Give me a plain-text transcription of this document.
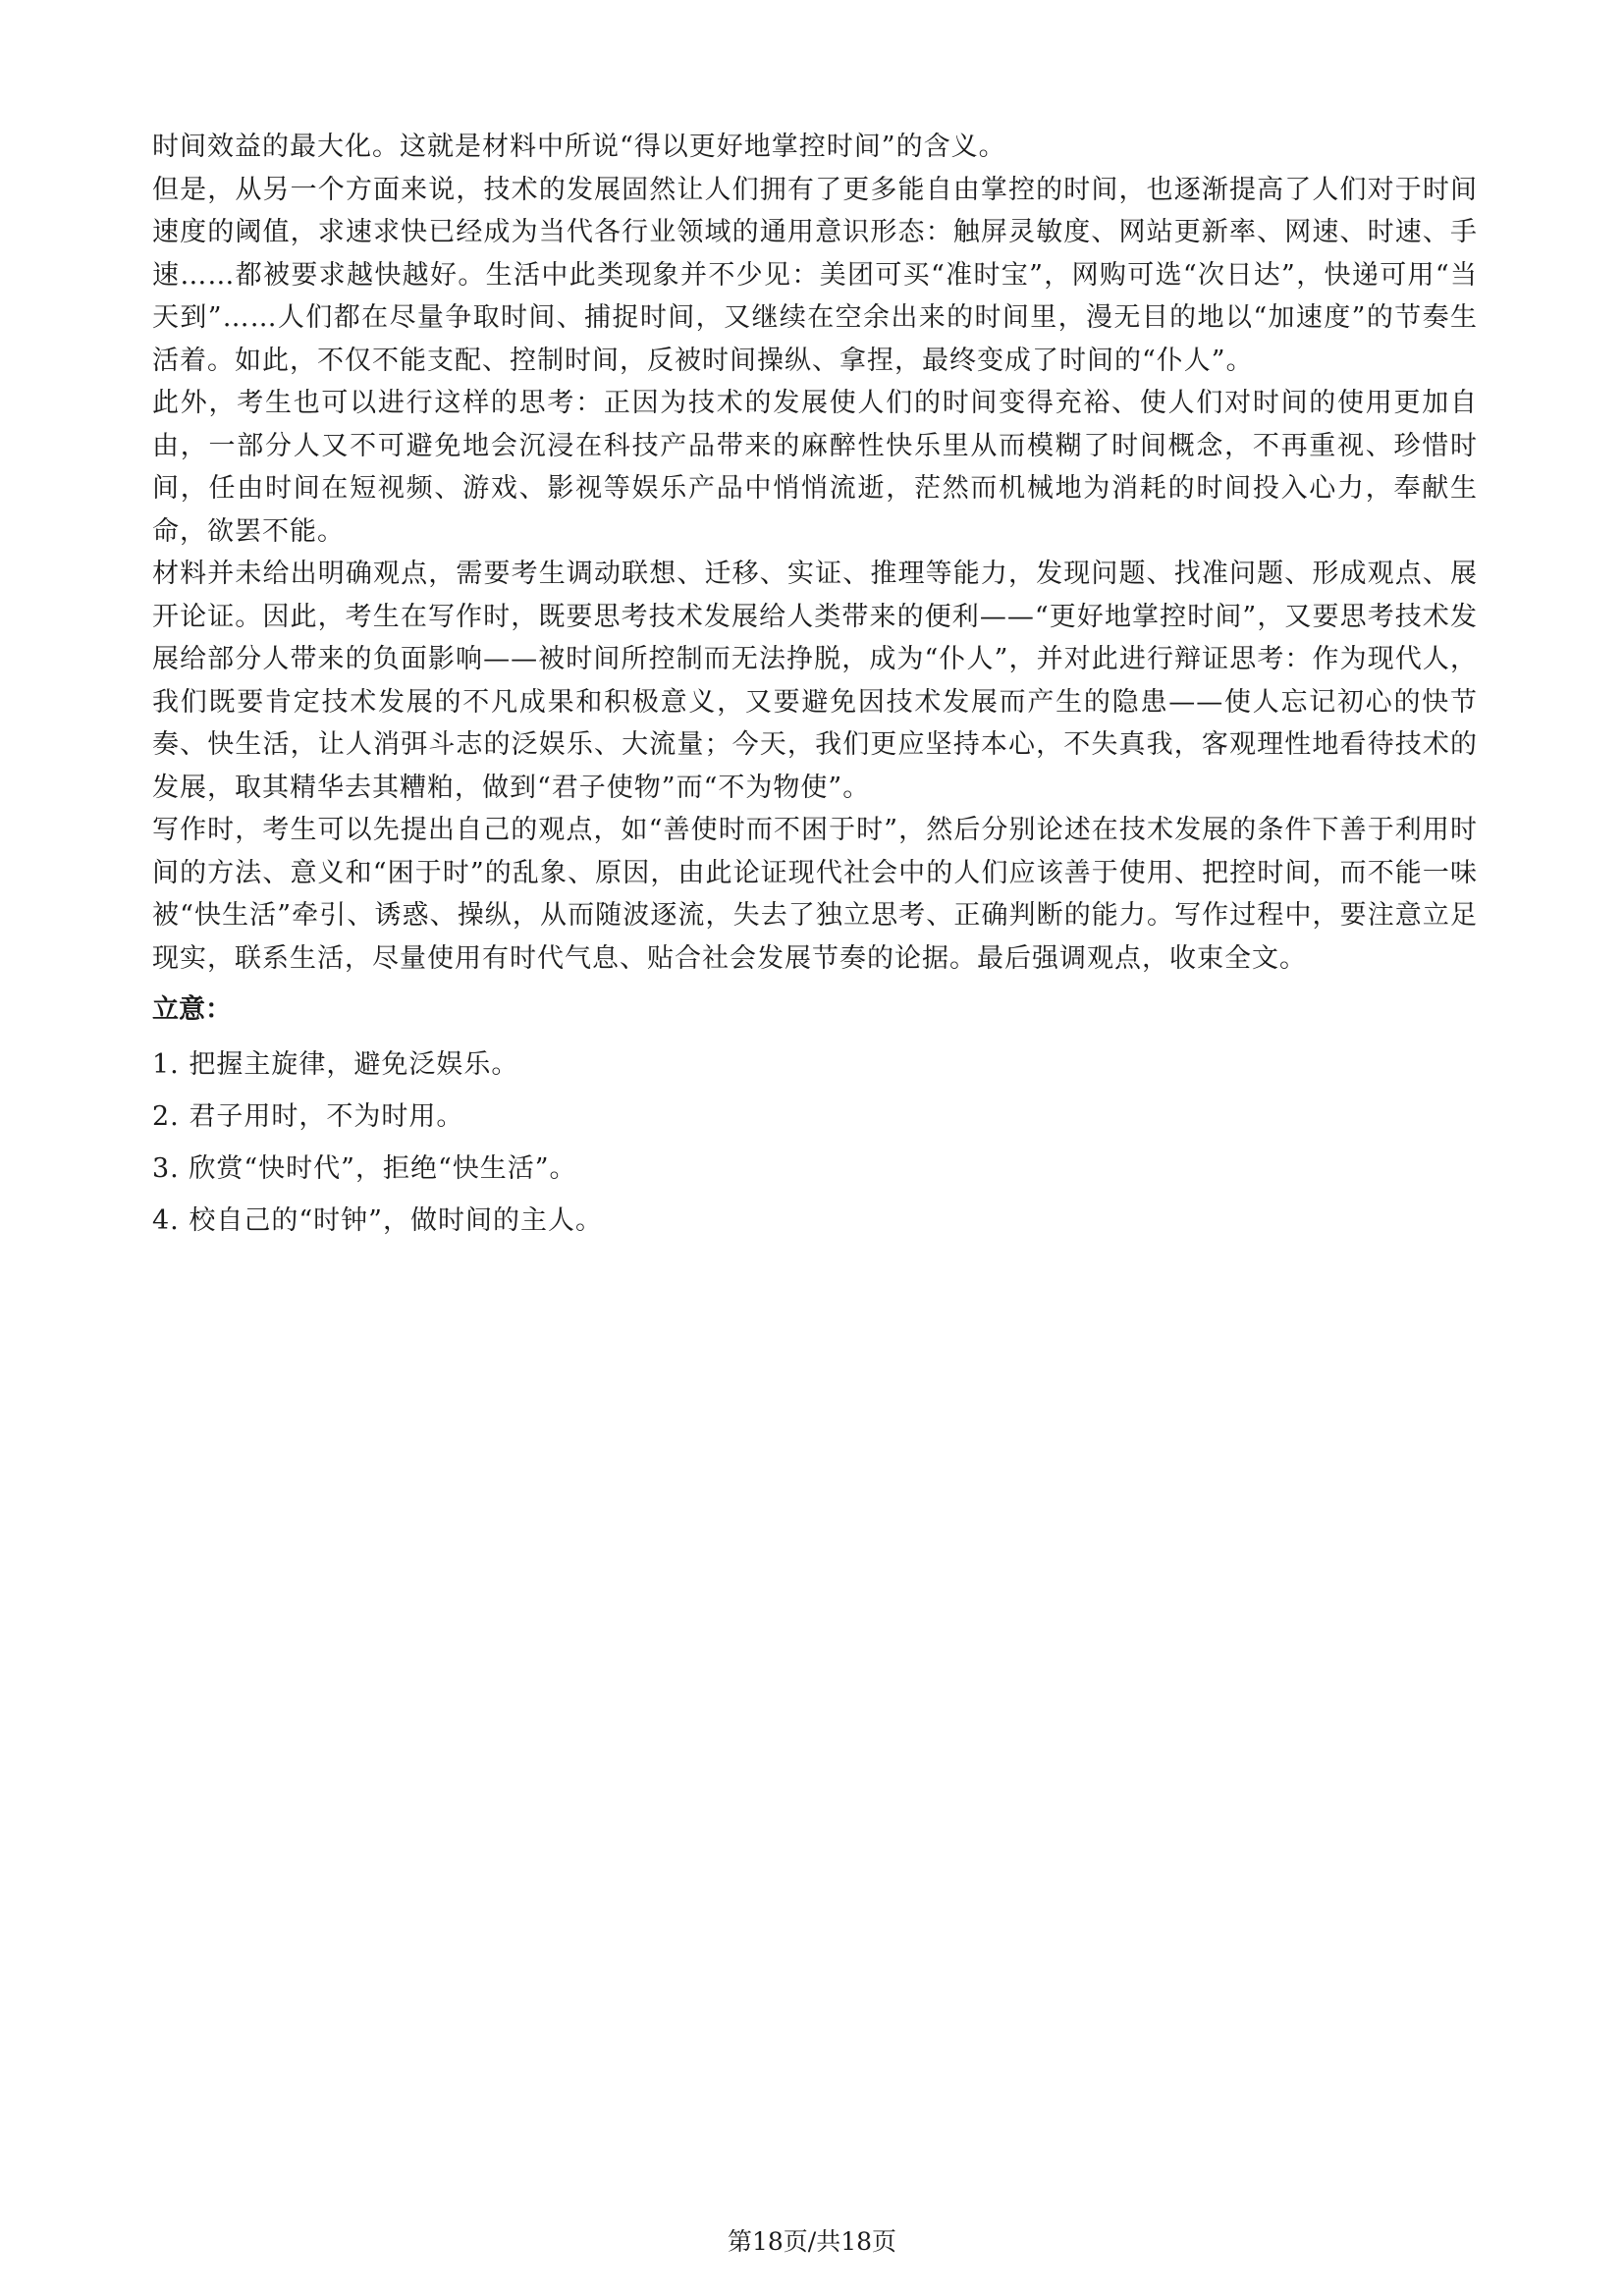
时间效益的最大化。这就是材料中所说“得以更好地掌控时间”的含义。

但是，从另一个方面来说，技术的发展固然让人们拥有了更多能自由掌控的时间，也逐渐提高了人们对于时间速度的阈值，求速求快已经成为当代各行业领域的通用意识形态：触屏灵敏度、网站更新率、网速、时速、手速……都被要求越快越好。生活中此类现象并不少见：美团可买“准时宝”，网购可选“次日达”，快递可用“当天到”……人们都在尽量争取时间、捕捉时间，又继续在空余出来的时间里，漫无目的地以“加速度”的节奏生活着。如此，不仅不能支配、控制时间，反被时间操纵、拿捏，最终变成了时间的“仆人”。

此外，考生也可以进行这样的思考：正因为技术的发展使人们的时间变得充裕、使人们对时间的使用更加自由，一部分人又不可避免地会沉浸在科技产品带来的麻醉性快乐里从而模糊了时间概念，不再重视、珍惜时间，任由时间在短视频、游戏、影视等娱乐产品中悄悄流逝，茫然而机械地为消耗的时间投入心力，奉献生命，欲罢不能。

材料并未给出明确观点，需要考生调动联想、迁移、实证、推理等能力，发现问题、找准问题、形成观点、展开论证。因此，考生在写作时，既要思考技术发展给人类带来的便利——“更好地掌控时间”，又要思考技术发展给部分人带来的负面影响——被时间所控制而无法挣脱，成为“仆人”，并对此进行辩证思考：作为现代人，我们既要肯定技术发展的不凡成果和积极意义，又要避免因技术发展而产生的隐患——使人忘记初心的快节奏、快生活，让人消弭斗志的泛娱乐、大流量；今天，我们更应坚持本心，不失真我，客观理性地看待技术的发展，取其精华去其糟粕，做到“君子使物”而“不为物使”。

写作时，考生可以先提出自己的观点，如“善使时而不困于时”，然后分别论述在技术发展的条件下善于利用时间的方法、意义和“困于时”的乱象、原因，由此论证现代社会中的人们应该善于使用、把控时间，而不能一味被“快生活”牵引、诱惑、操纵，从而随波逐流，失去了独立思考、正确判断的能力。写作过程中，要注意立足现实，联系生活，尽量使用有时代气息、贴合社会发展节奏的论据。最后强调观点，收束全文。

立意：
1. 把握主旋律，避免泛娱乐。
2. 君子用时，不为时用。
3. 欣赏“快时代”，拒绝“快生活”。
4. 校自己的“时钟”，做时间的主人。
第18页/共18页
